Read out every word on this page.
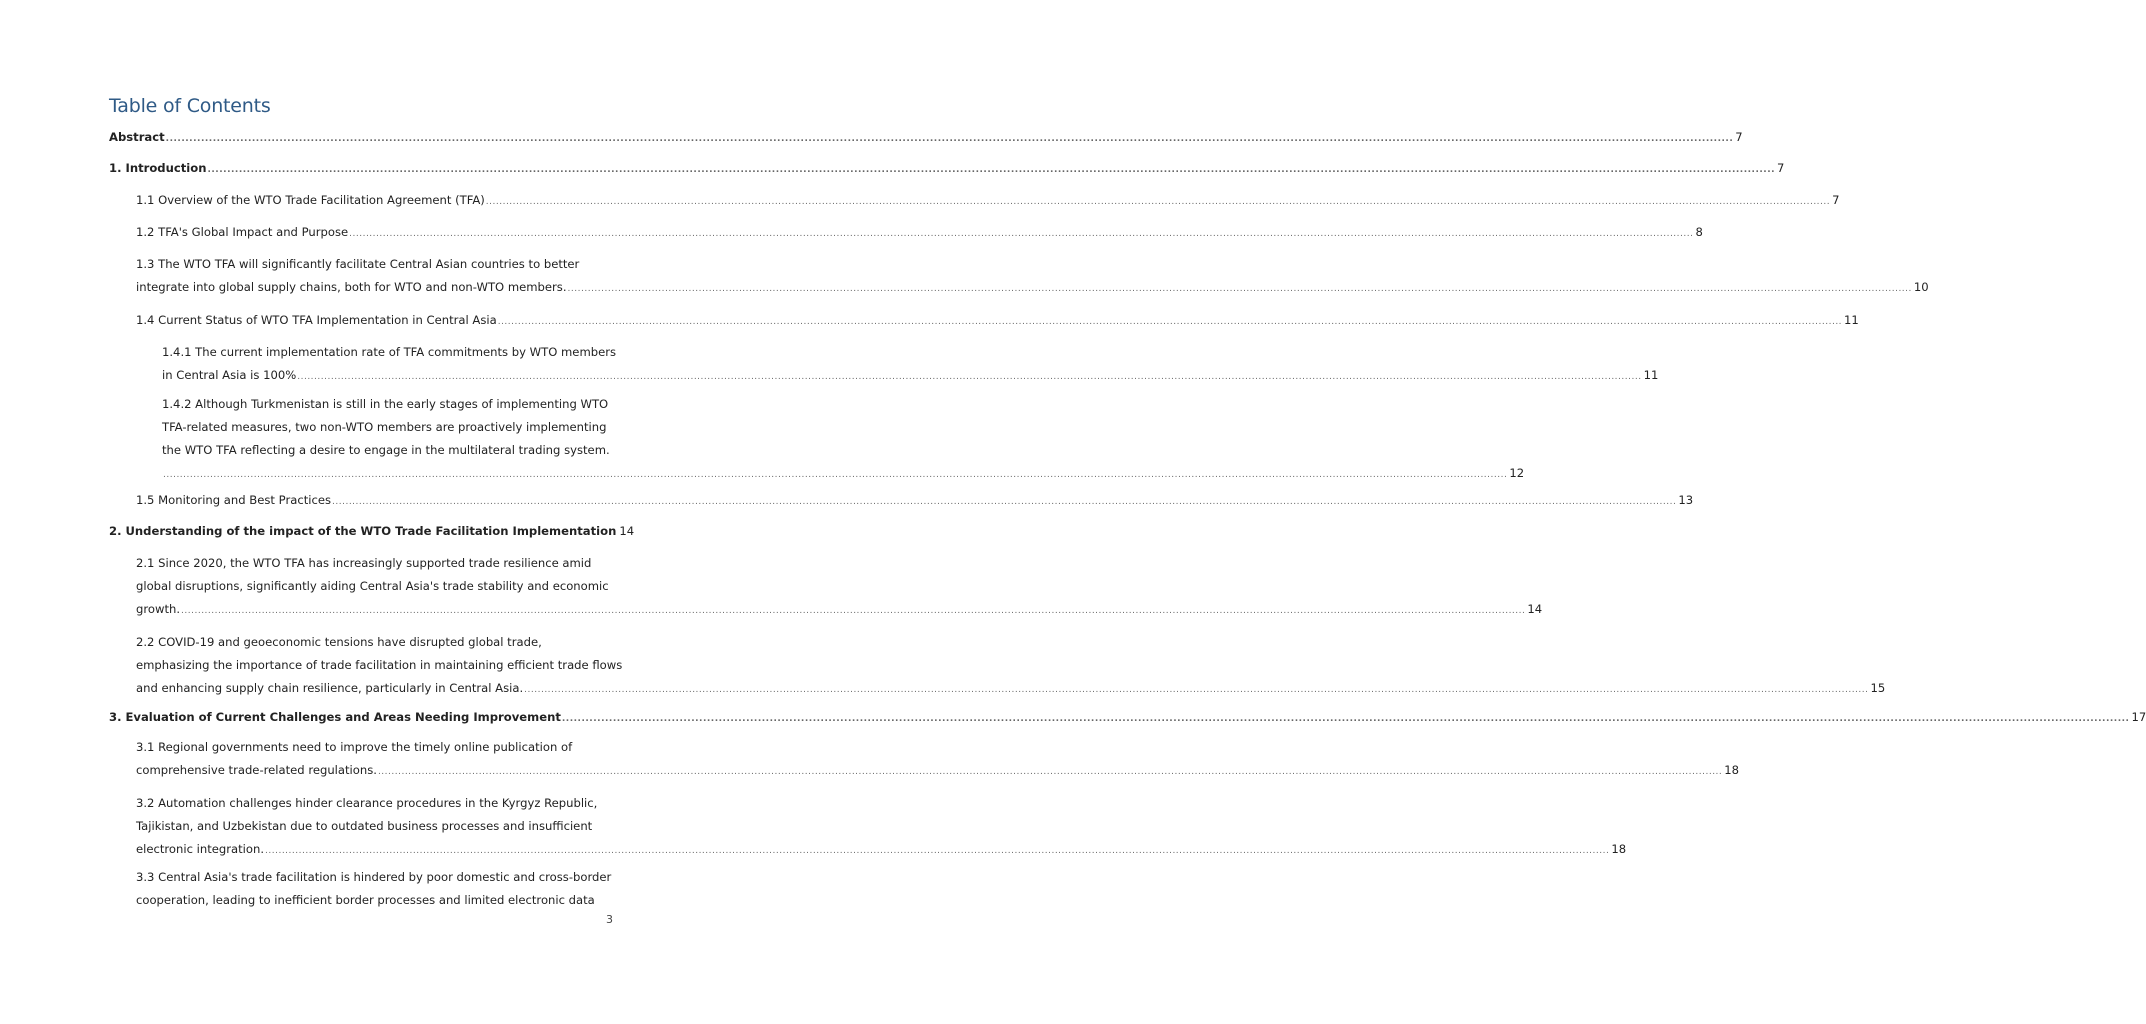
Table of Contents
Abstract ................................................................................................................................................................................................................................................................................................................................................................................................................ 7
1. Introduction ................................................................................................................................................................................................................................................................................................................................................................................................................ 7
1.1 Overview of the WTO Trade Facilitation Agreement (TFA) ................................................................................................................................................................................................................................................................................................................................................................................................................ 7
1.2 TFA's Global Impact and Purpose ................................................................................................................................................................................................................................................................................................................................................................................................................ 8
1.3 The WTO TFA will significantly facilitate Central Asian countries to better
integrate into global supply chains, both for WTO and non-WTO members. ................................................................................................................................................................................................................................................................................................................................................................................................................ 10
1.4 Current Status of WTO TFA Implementation in Central Asia ................................................................................................................................................................................................................................................................................................................................................................................................................ 11
1.4.1 The current implementation rate of TFA commitments by WTO members
in Central Asia is 100% ................................................................................................................................................................................................................................................................................................................................................................................................................ 11
1.4.2 Although Turkmenistan is still in the early stages of implementing WTO
TFA-related measures, two non-WTO members are proactively implementing
the WTO TFA reflecting a desire to engage in the multilateral trading system.
................................................................................................................................................................................................................................................................................................................................................................................................................ 12
1.5 Monitoring and Best Practices ................................................................................................................................................................................................................................................................................................................................................................................................................ 13
2. Understanding of the impact of the WTO Trade Facilitation Implementation 14
2.1 Since 2020, the WTO TFA has increasingly supported trade resilience amid
global disruptions, significantly aiding Central Asia's trade stability and economic
growth. ................................................................................................................................................................................................................................................................................................................................................................................................................ 14
2.2 COVID-19 and geoeconomic tensions have disrupted global trade,
emphasizing the importance of trade facilitation in maintaining efficient trade flows
and enhancing supply chain resilience, particularly in Central Asia. ................................................................................................................................................................................................................................................................................................................................................................................................................ 15
3. Evaluation of Current Challenges and Areas Needing Improvement ................................................................................................................................................................................................................................................................................................................................................................................................................ 17
3.1 Regional governments need to improve the timely online publication of
comprehensive trade-related regulations. ................................................................................................................................................................................................................................................................................................................................................................................................................ 18
3.2 Automation challenges hinder clearance procedures in the Kyrgyz Republic,
Tajikistan, and Uzbekistan due to outdated business processes and insufficient
electronic integration. ................................................................................................................................................................................................................................................................................................................................................................................................................ 18
3.3 Central Asia's trade facilitation is hindered by poor domestic and cross-border
cooperation, leading to inefficient border processes and limited electronic data
3
